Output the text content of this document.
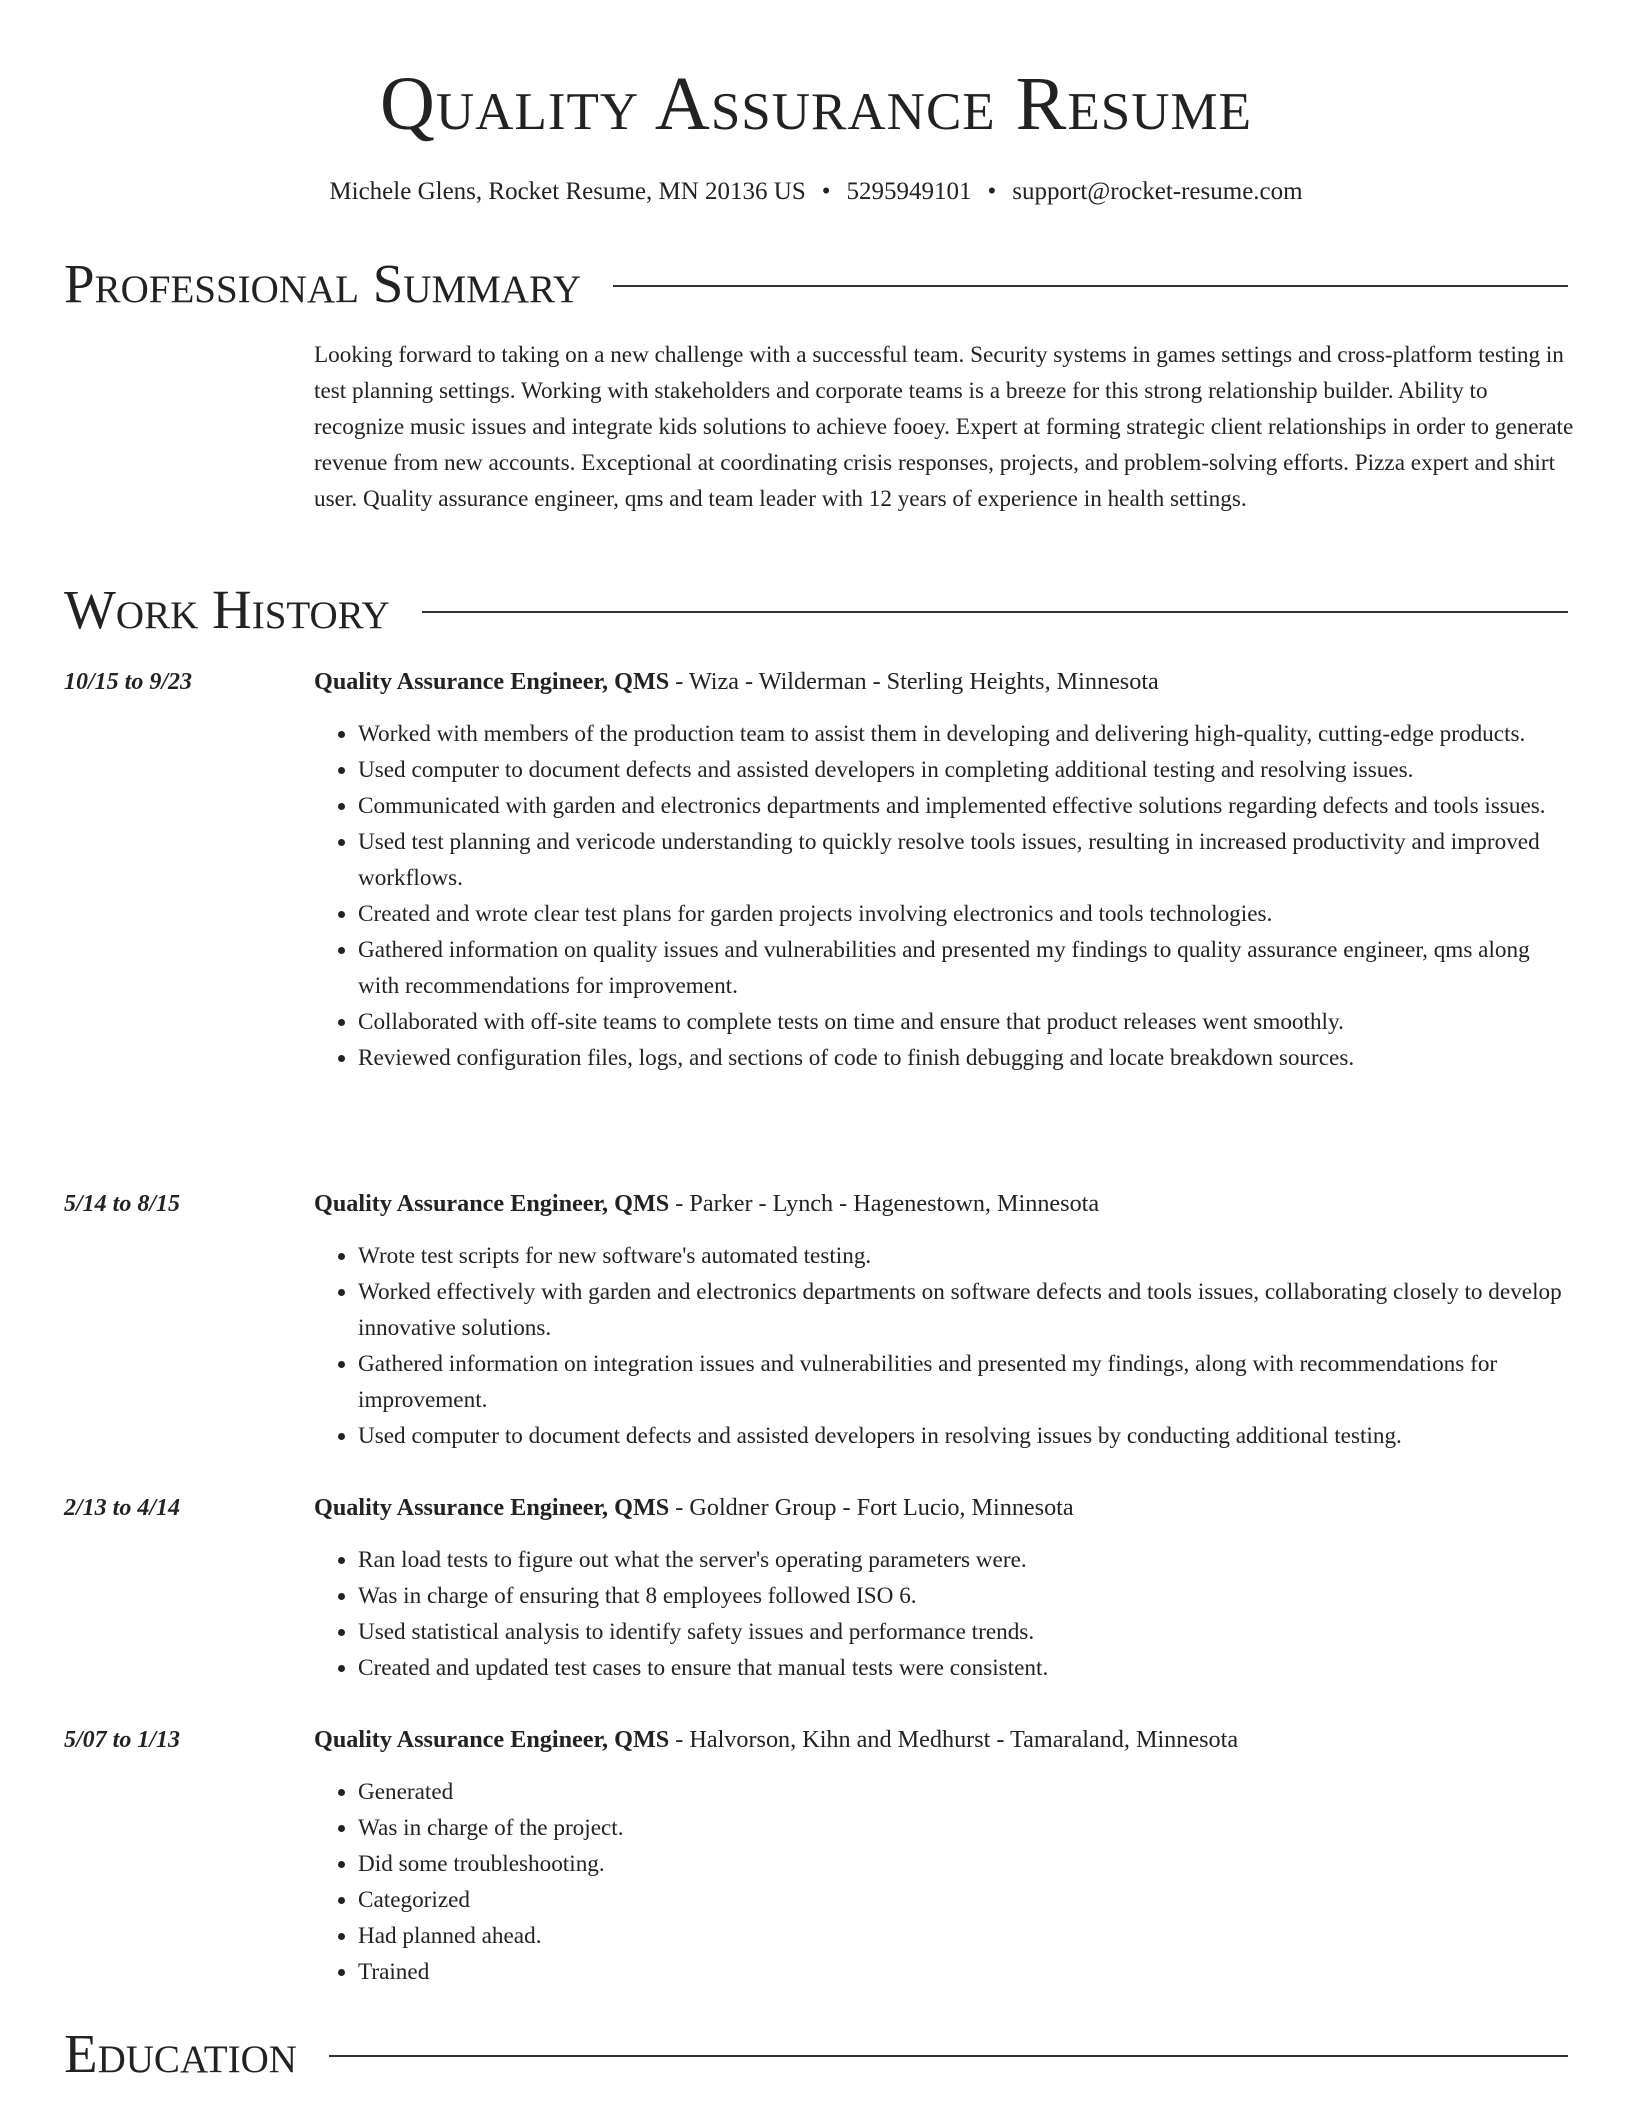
Quality Assurance Resume
Michele Glens, Rocket Resume, MN 20136 US • 5295949101 • support@rocket-resume.com
Professional Summary

Looking forward to taking on a new challenge with a successful team. Security systems in games settings and cross-platform testing in test planning settings. Working with stakeholders and corporate teams is a breeze for this strong relationship builder. Ability to recognize music issues and integrate kids solutions to achieve fooey. Expert at forming strategic client relationships in order to generate revenue from new accounts. Exceptional at coordinating crisis responses, projects, and problem-solving efforts. Pizza expert and shirt user. Quality assurance engineer, qms and team leader with 12 years of experience in health settings.

Work History
10/15 to 9/23	Quality Assurance Engineer, QMS - Wiza - Wilderman - Sterling Heights, Minnesota
• Worked with members of the production team to assist them in developing and delivering high-quality, cutting-edge products.
• Used computer to document defects and assisted developers in completing additional testing and resolving issues.
• Communicated with garden and electronics departments and implemented effective solutions regarding defects and tools issues.
• Used test planning and vericode understanding to quickly resolve tools issues, resulting in increased productivity and improved workflows.
• Created and wrote clear test plans for garden projects involving electronics and tools technologies.
• Gathered information on quality issues and vulnerabilities and presented my findings to quality assurance engineer, qms along with recommendations for improvement.
• Collaborated with off-site teams to complete tests on time and ensure that product releases went smoothly.
• Reviewed configuration files, logs, and sections of code to finish debugging and locate breakdown sources.
5/14 to 8/15	Quality Assurance Engineer, QMS - Parker - Lynch - Hagenestown, Minnesota
• Wrote test scripts for new software's automated testing.
• Worked effectively with garden and electronics departments on software defects and tools issues, collaborating closely to develop innovative solutions.
• Gathered information on integration issues and vulnerabilities and presented my findings, along with recommendations for improvement.
• Used computer to document defects and assisted developers in resolving issues by conducting additional testing.
2/13 to 4/14	Quality Assurance Engineer, QMS - Goldner Group - Fort Lucio, Minnesota
• Ran load tests to figure out what the server's operating parameters were.
• Was in charge of ensuring that 8 employees followed ISO 6.
• Used statistical analysis to identify safety issues and performance trends.
• Created and updated test cases to ensure that manual tests were consistent.
5/07 to 1/13	Quality Assurance Engineer, QMS - Halvorson, Kihn and Medhurst - Tamaraland, Minnesota
• Generated
• Was in charge of the project.
• Did some troubleshooting.
• Categorized
• Had planned ahead.
• Trained
Education
